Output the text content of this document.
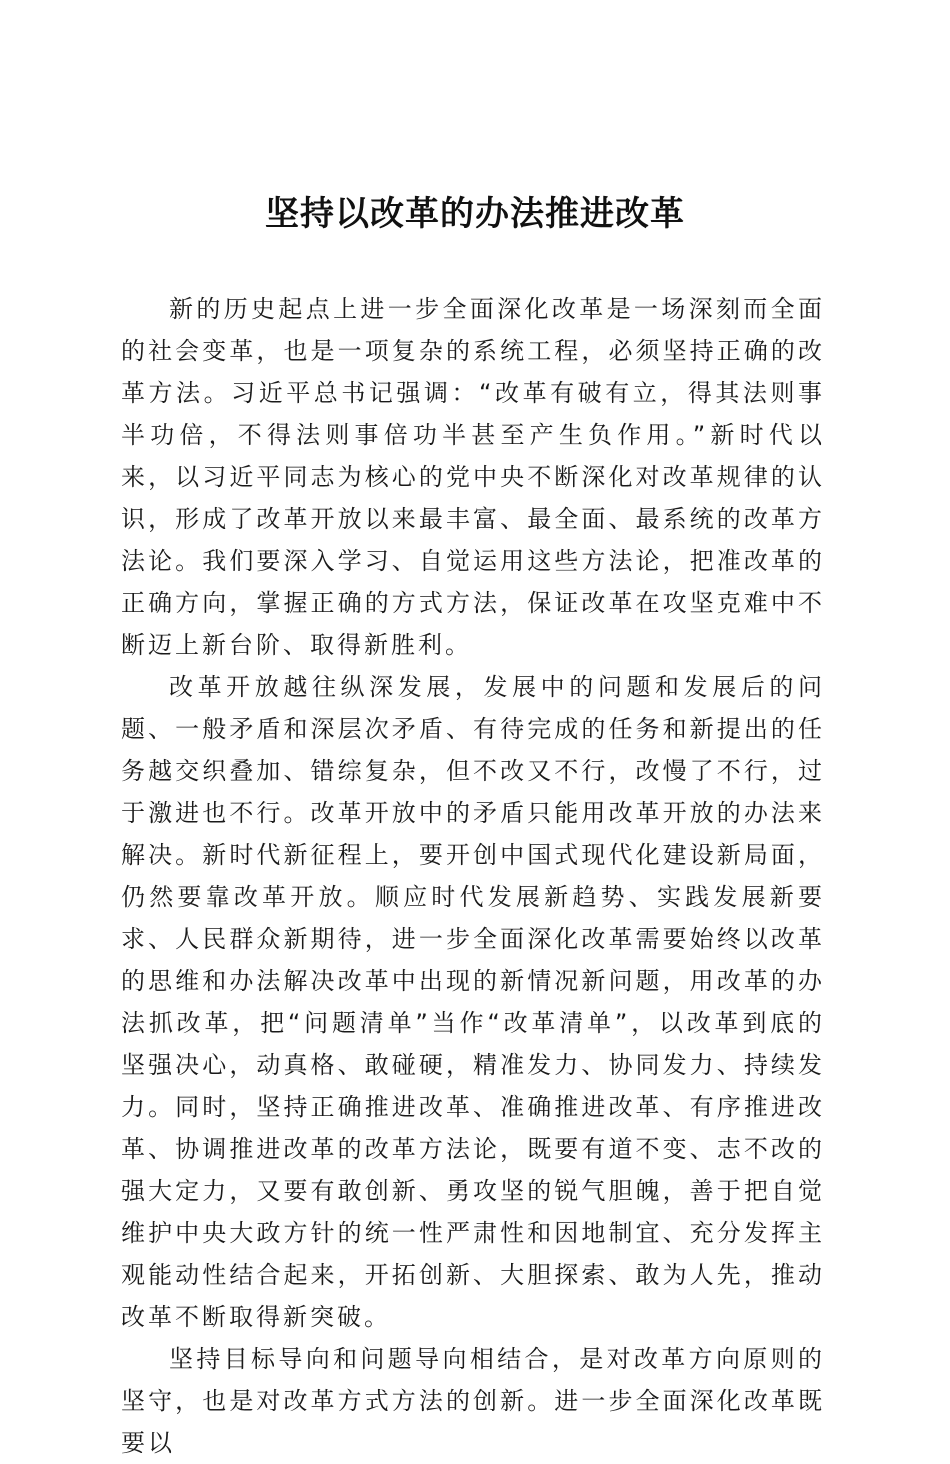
坚持以改革的办法推进改革

新的历史起点上进一步全面深化改革是一场深刻而全面的社会变革，也是一项复杂的系统工程，必须坚持正确的改革方法。习近平总书记强调：“改革有破有立，得其法则事半功倍，不得法则事倍功半甚至产生负作用。”新时代以来，以习近平同志为核心的党中央不断深化对改革规律的认识，形成了改革开放以来最丰富、最全面、最系统的改革方法论。我们要深入学习、自觉运用这些方法论，把准改革的正确方向，掌握正确的方式方法，保证改革在攻坚克难中不断迈上新台阶、取得新胜利。

改革开放越往纵深发展，发展中的问题和发展后的问题、一般矛盾和深层次矛盾、有待完成的任务和新提出的任务越交织叠加、错综复杂，但不改又不行，改慢了不行，过于激进也不行。改革开放中的矛盾只能用改革开放的办法来解决。新时代新征程上，要开创中国式现代化建设新局面，仍然要靠改革开放。顺应时代发展新趋势、实践发展新要求、人民群众新期待，进一步全面深化改革需要始终以改革的思维和办法解决改革中出现的新情况新问题，用改革的办法抓改革，把“问题清单”当作“改革清单”，以改革到底的坚强决心，动真格、敢碰硬，精准发力、协同发力、持续发力。同时，坚持正确推进改革、准确推进改革、有序推进改革、协调推进改革的改革方法论，既要有道不变、志不改的强大定力，又要有敢创新、勇攻坚的锐气胆魄，善于把自觉维护中央大政方针的统一性严肃性和因地制宜、充分发挥主观能动性结合起来，开拓创新、大胆探索、敢为人先，推动改革不断取得新突破。

坚持目标导向和问题导向相结合，是对改革方向原则的坚守，也是对改革方式方法的创新。进一步全面深化改革既要以
